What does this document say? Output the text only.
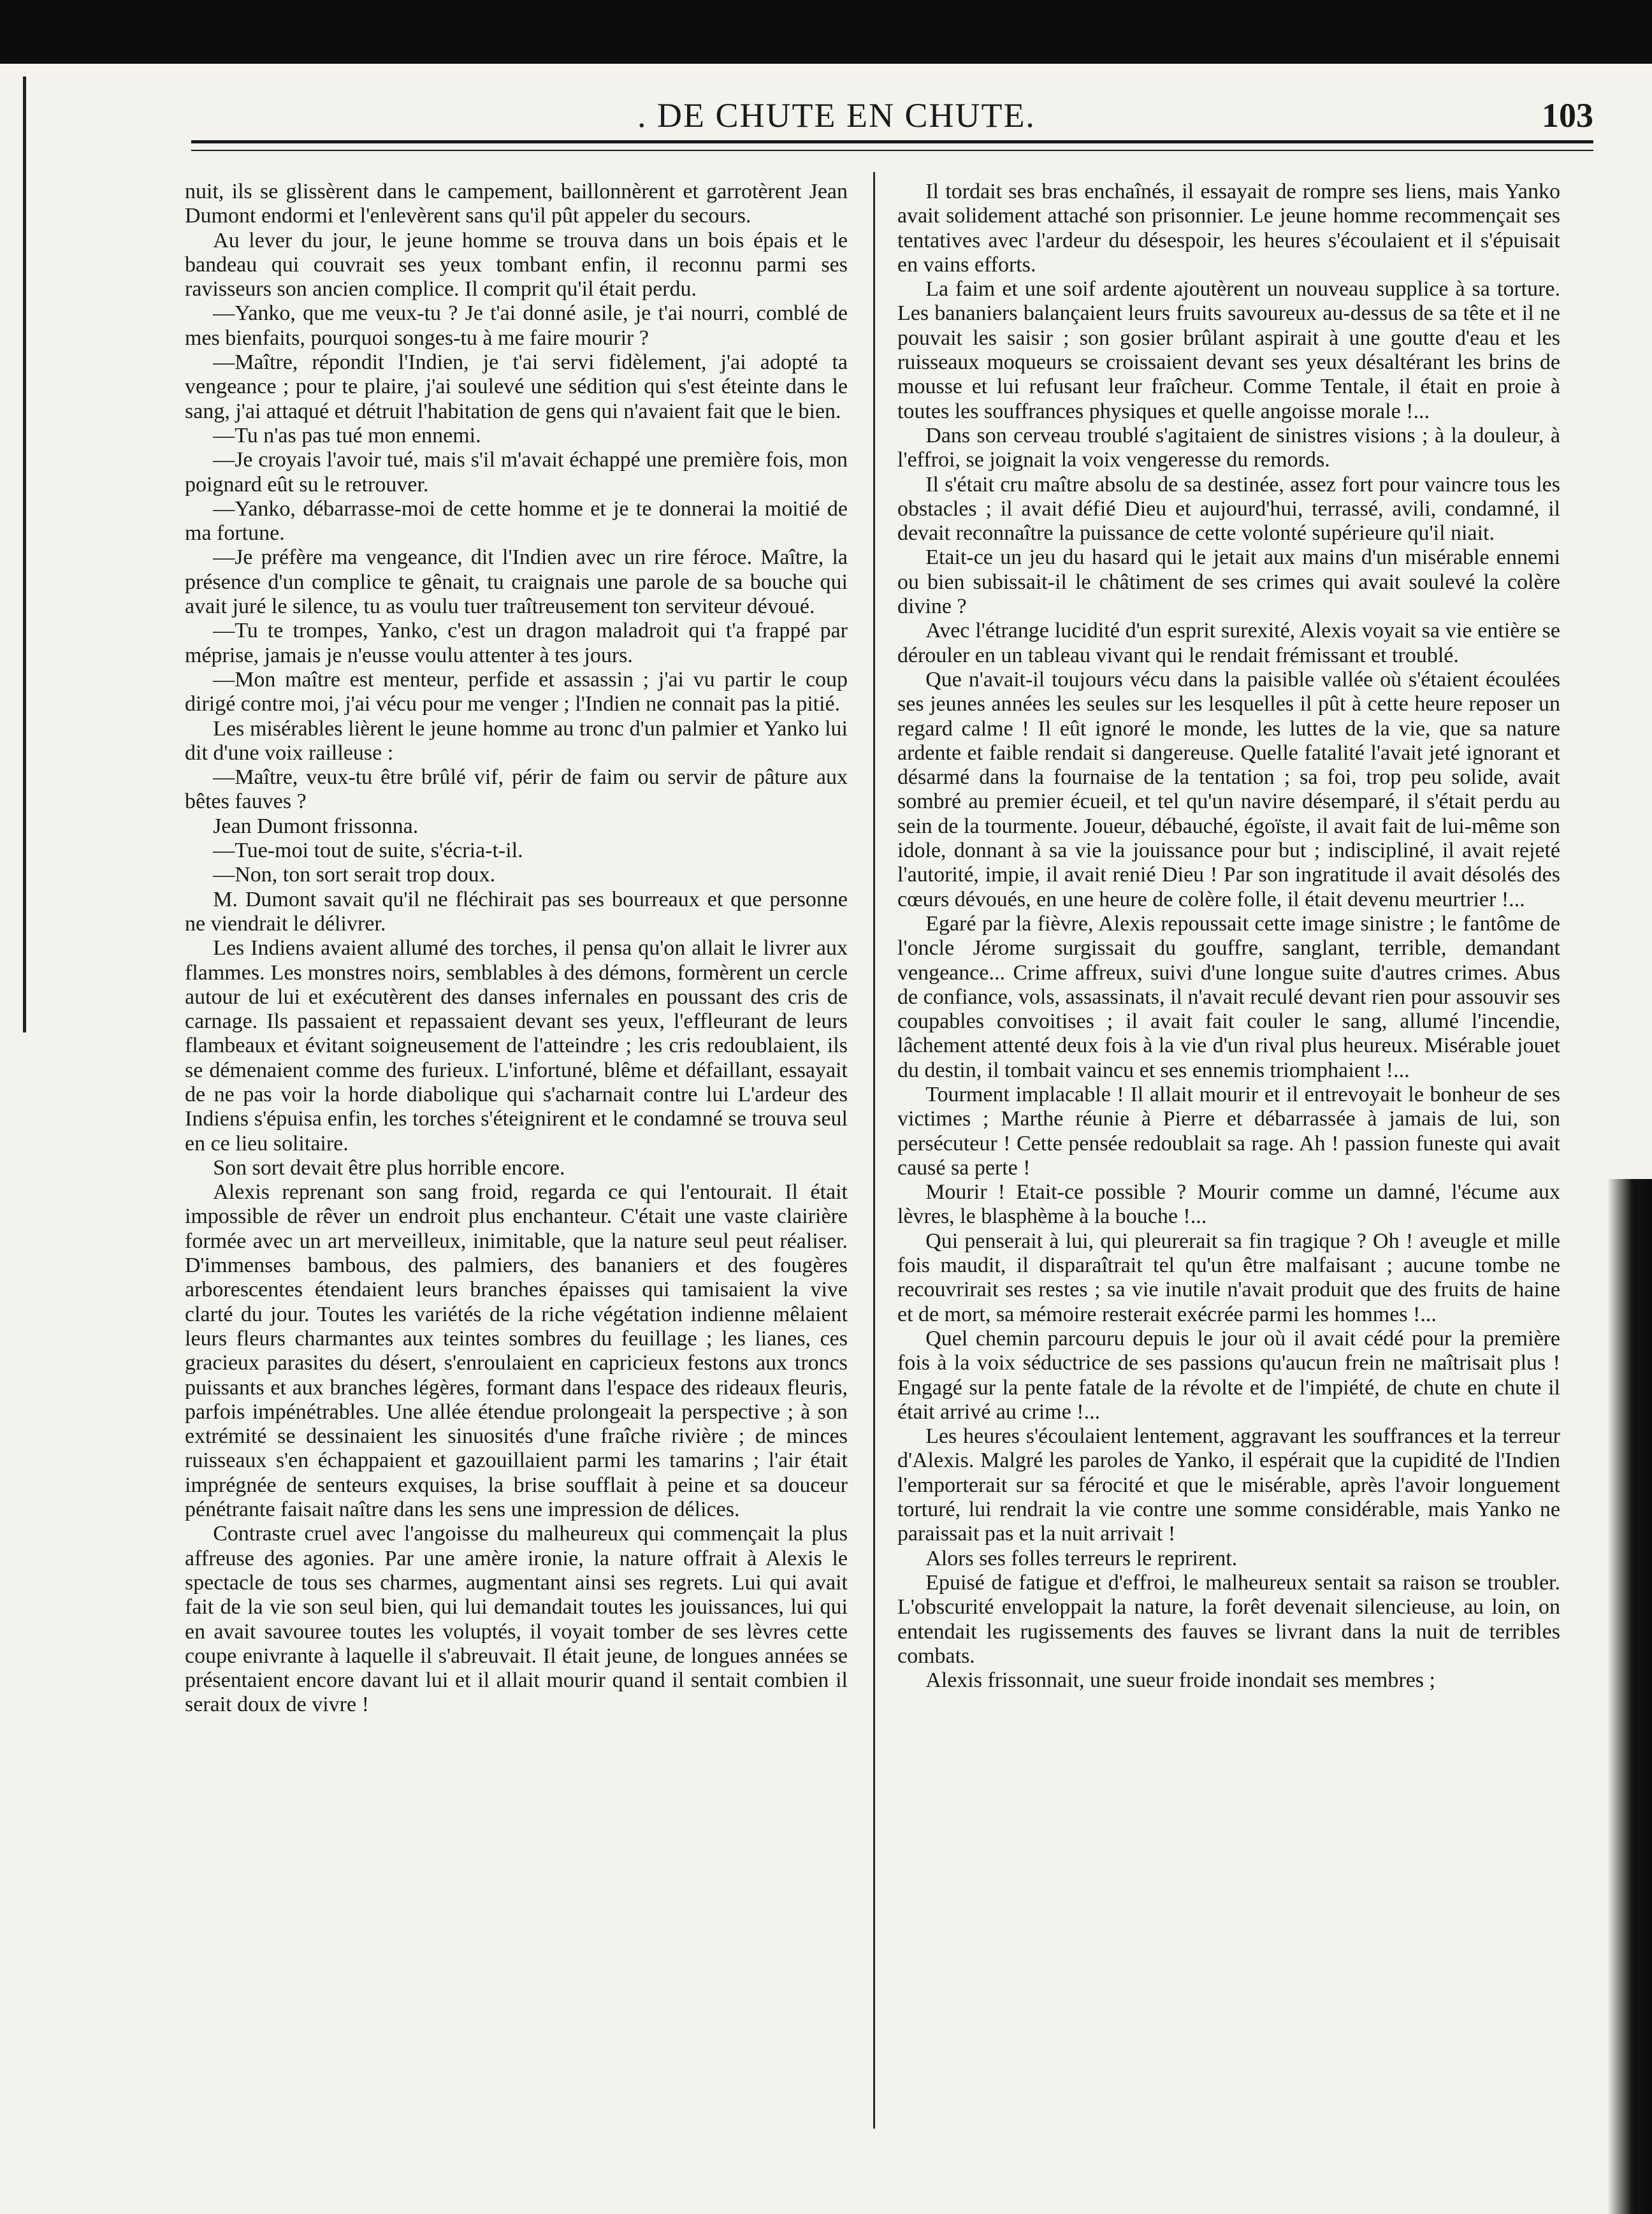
. DE CHUTE EN CHUTE.	103

nuit, ils se glissèrent dans le campement, baillonnèrent et garrotèrent Jean Dumont endormi et l'enlevèrent sans qu'il pût appeler du secours.

Au lever du jour, le jeune homme se trouva dans un bois épais et le bandeau qui couvrait ses yeux tombant enfin, il reconnu parmi ses ravisseurs son ancien complice. Il comprit qu'il était perdu.

—Yanko, que me veux-tu ? Je t'ai donné asile, je t'ai nourri, comblé de mes bienfaits, pourquoi songes-tu à me faire mourir ?

—Maître, répondit l'Indien, je t'ai servi fidèlement, j'ai adopté ta vengeance ; pour te plaire, j'ai soulevé une sédition qui s'est éteinte dans le sang, j'ai attaqué et détruit l'habitation de gens qui n'avaient fait que le bien.

—Tu n'as pas tué mon ennemi.

—Je croyais l'avoir tué, mais s'il m'avait échappé une première fois, mon poignard eût su le retrouver.

—Yanko, débarrasse-moi de cette homme et je te donnerai la moitié de ma fortune.

—Je préfère ma vengeance, dit l'Indien avec un rire féroce. Maître, la présence d'un complice te gênait, tu craignais une parole de sa bouche qui avait juré le silence, tu as voulu tuer traîtreusement ton serviteur dévoué.

—Tu te trompes, Yanko, c'est un dragon maladroit qui t'a frappé par méprise, jamais je n'eusse voulu attenter à tes jours.

—Mon maître est menteur, perfide et assassin ; j'ai vu partir le coup dirigé contre moi, j'ai vécu pour me venger ; l'Indien ne connait pas la pitié.

Les misérables lièrent le jeune homme au tronc d'un palmier et Yanko lui dit d'une voix railleuse :

—Maître, veux-tu être brûlé vif, périr de faim ou servir de pâture aux bêtes fauves ?

Jean Dumont frissonna.

—Tue-moi tout de suite, s'écria-t-il.

—Non, ton sort serait trop doux.

M. Dumont savait qu'il ne fléchirait pas ses bourreaux et que personne ne viendrait le délivrer.

Les Indiens avaient allumé des torches, il pensa qu'on allait le livrer aux flammes. Les monstres noirs, semblables à des démons, formèrent un cercle autour de lui et exécutèrent des danses infernales en poussant des cris de carnage. Ils passaient et repassaient devant ses yeux, l'effleurant de leurs flambeaux et évitant soigneusement de l'atteindre ; les cris redoublaient, ils se démenaient comme des furieux. L'infortuné, blême et défaillant, essayait de ne pas voir la horde diabolique qui s'acharnait contre lui L'ardeur des Indiens s'épuisa enfin, les torches s'éteignirent et le condamné se trouva seul en ce lieu solitaire.

Son sort devait être plus horrible encore.

Alexis reprenant son sang froid, regarda ce qui l'entourait. Il était impossible de rêver un endroit plus enchanteur. C'était une vaste clairière formée avec un art merveilleux, inimitable, que la nature seul peut réaliser. D'immenses bambous, des palmiers, des bananiers et des fougères arborescentes étendaient leurs branches épaisses qui tamisaient la vive clarté du jour. Toutes les variétés de la riche végétation indienne mêlaient leurs fleurs charmantes aux teintes sombres du feuillage ; les lianes, ces gracieux parasites du désert, s'enroulaient en capricieux festons aux troncs puissants et aux branches légères, formant dans l'espace des rideaux fleuris, parfois impénétrables. Une allée étendue prolongeait la perspective ; à son extrémité se dessinaient les sinuosités d'une fraîche rivière ; de minces ruisseaux s'en échappaient et gazouillaient parmi les tamarins ; l'air était imprégnée de senteurs exquises, la brise soufflait à peine et sa douceur pénétrante faisait naître dans les sens une impression de délices.

Contraste cruel avec l'angoisse du malheureux qui commençait la plus affreuse des agonies. Par une amère ironie, la nature offrait à Alexis le spectacle de tous ses charmes, augmentant ainsi ses regrets. Lui qui avait fait de la vie son seul bien, qui lui demandait toutes les jouissances, lui qui en avait savouree toutes les voluptés, il voyait tomber de ses lèvres cette coupe enivrante à laquelle il s'abreuvait. Il était jeune, de longues années se présentaient encore davant lui et il allait mourir quand il sentait combien il serait doux de vivre !

Il tordait ses bras enchaînés, il essayait de rompre ses liens, mais Yanko avait solidement attaché son prisonnier. Le jeune homme recommençait ses tentatives avec l'ardeur du désespoir, les heures s'écoulaient et il s'épuisait en vains efforts.

La faim et une soif ardente ajoutèrent un nouveau supplice à sa torture. Les bananiers balançaient leurs fruits savoureux au-dessus de sa tête et il ne pouvait les saisir ; son gosier brûlant aspirait à une goutte d'eau et les ruisseaux moqueurs se croissaient devant ses yeux désaltérant les brins de mousse et lui refusant leur fraîcheur. Comme Tentale, il était en proie à toutes les souffrances physiques et quelle angoisse morale !...

Dans son cerveau troublé s'agitaient de sinistres visions ; à la douleur, à l'effroi, se joignait la voix vengeresse du remords.

Il s'était cru maître absolu de sa destinée, assez fort pour vaincre tous les obstacles ; il avait défié Dieu et aujourd'hui, terrassé, avili, condamné, il devait reconnaître la puissance de cette volonté supérieure qu'il niait.

Etait-ce un jeu du hasard qui le jetait aux mains d'un misérable ennemi ou bien subissait-il le châtiment de ses crimes qui avait soulevé la colère divine ?

Avec l'étrange lucidité d'un esprit surexité, Alexis voyait sa vie entière se dérouler en un tableau vivant qui le rendait frémissant et troublé.

Que n'avait-il toujours vécu dans la paisible vallée où s'étaient écoulées ses jeunes années les seules sur les lesquelles il pût à cette heure reposer un regard calme ! Il eût ignoré le monde, les luttes de la vie, que sa nature ardente et faible rendait si dangereuse. Quelle fatalité l'avait jeté ignorant et désarmé dans la fournaise de la tentation ; sa foi, trop peu solide, avait sombré au premier écueil, et tel qu'un navire désemparé, il s'était perdu au sein de la tourmente. Joueur, débauché, égoïste, il avait fait de lui-même son idole, donnant à sa vie la jouissance pour but ; indiscipliné, il avait rejeté l'autorité, impie, il avait renié Dieu ! Par son ingratitude il avait désolés des cœurs dévoués, en une heure de colère folle, il était devenu meurtrier !...

Egaré par la fièvre, Alexis repoussait cette image sinistre ; le fantôme de l'oncle Jérome surgissait du gouffre, sanglant, terrible, demandant vengeance... Crime affreux, suivi d'une longue suite d'autres crimes. Abus de confiance, vols, assassinats, il n'avait reculé devant rien pour assouvir ses coupables convoitises ; il avait fait couler le sang, allumé l'incendie, lâchement attenté deux fois à la vie d'un rival plus heureux. Misérable jouet du destin, il tombait vaincu et ses ennemis triomphaient !...

Tourment implacable ! Il allait mourir et il entrevoyait le bonheur de ses victimes ; Marthe réunie à Pierre et débarrassée à jamais de lui, son persécuteur ! Cette pensée redoublait sa rage. Ah ! passion funeste qui avait causé sa perte !

Mourir ! Etait-ce possible ? Mourir comme un damné, l'écume aux lèvres, le blasphème à la bouche !...

Qui penserait à lui, qui pleurerait sa fin tragique ? Oh ! aveugle et mille fois maudit, il disparaîtrait tel qu'un être malfaisant ; aucune tombe ne recouvrirait ses restes ; sa vie inutile n'avait produit que des fruits de haine et de mort, sa mémoire resterait exécrée parmi les hommes !...

Quel chemin parcouru depuis le jour où il avait cédé pour la première fois à la voix séductrice de ses passions qu'aucun frein ne maîtrisait plus ! Engagé sur la pente fatale de la révolte et de l'impiété, de chute en chute il était arrivé au crime !...

Les heures s'écoulaient lentement, aggravant les souffrances et la terreur d'Alexis. Malgré les paroles de Yanko, il espérait que la cupidité de l'Indien l'emporterait sur sa férocité et que le misérable, après l'avoir longuement torturé, lui rendrait la vie contre une somme considérable, mais Yanko ne paraissait pas et la nuit arrivait !

Alors ses folles terreurs le reprirent.

Epuisé de fatigue et d'effroi, le malheureux sentait sa raison se troubler. L'obscurité enveloppait la nature, la forêt devenait silencieuse, au loin, on entendait les rugissements des fauves se livrant dans la nuit de terribles combats.

Alexis frissonnait, une sueur froide inondait ses membres ;
